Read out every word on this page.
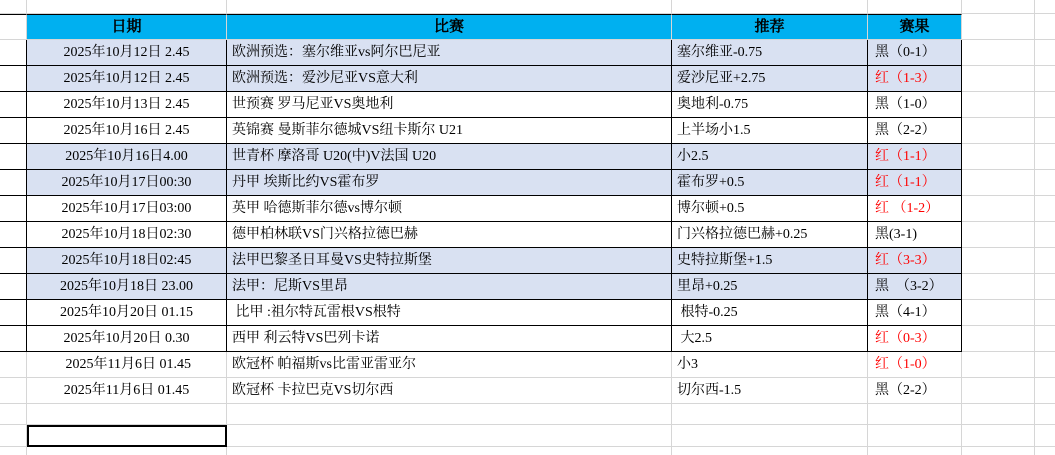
日期	比赛	推荐	赛果
2025年10月12日 2.45	欧洲预选：塞尔维亚vs阿尔巴尼亚	塞尔维亚-0.75	黑（0-1）
2025年10月12日 2.45	欧洲预选：爱沙尼亚VS意大利	爱沙尼亚+2.75	红（1-3）
2025年10月13日 2.45	世预赛 罗马尼亚VS奥地利	奥地利-0.75	黑（1-0）
2025年10月16日 2.45	英锦赛 曼斯菲尔德城VS纽卡斯尔 U21	上半场小1.5	黑（2-2）
2025年10月16日4.00	世青杯 摩洛哥 U20(中)V法国 U20	小2.5	红（1-1）
2025年10月17日00:30	丹甲 埃斯比约VS霍布罗	霍布罗+0.5	红（1-1）
2025年10月17日03:00	英甲 哈德斯菲尔德vs博尔顿	博尔顿+0.5	红 （1-2）
2025年10月18日02:30	德甲柏林联VS门兴格拉德巴赫	门兴格拉德巴赫+0.25	黑(3-1)
2025年10月18日02:45	法甲巴黎圣日耳曼VS史特拉斯堡	史特拉斯堡+1.5	红（3-3）
2025年10月18日 23.00	法甲：尼斯VS里昂	里昂+0.25	黑　（3-2）
2025年10月20日 01.15	比甲 :祖尔特瓦雷根VS根特	根特-0.25	黑（4-1）
2025年10月20日 0.30	西甲 利云特VS巴列卡诺	大2.5	红（0-3）
2025年11月6日 01.45	欧冠杯 帕福斯vs比雷亚雷亚尔	小3	红（1-0）
2025年11月6日 01.45	欧冠杯 卡拉巴克VS切尔西	切尔西-1.5	黑（2-2）
